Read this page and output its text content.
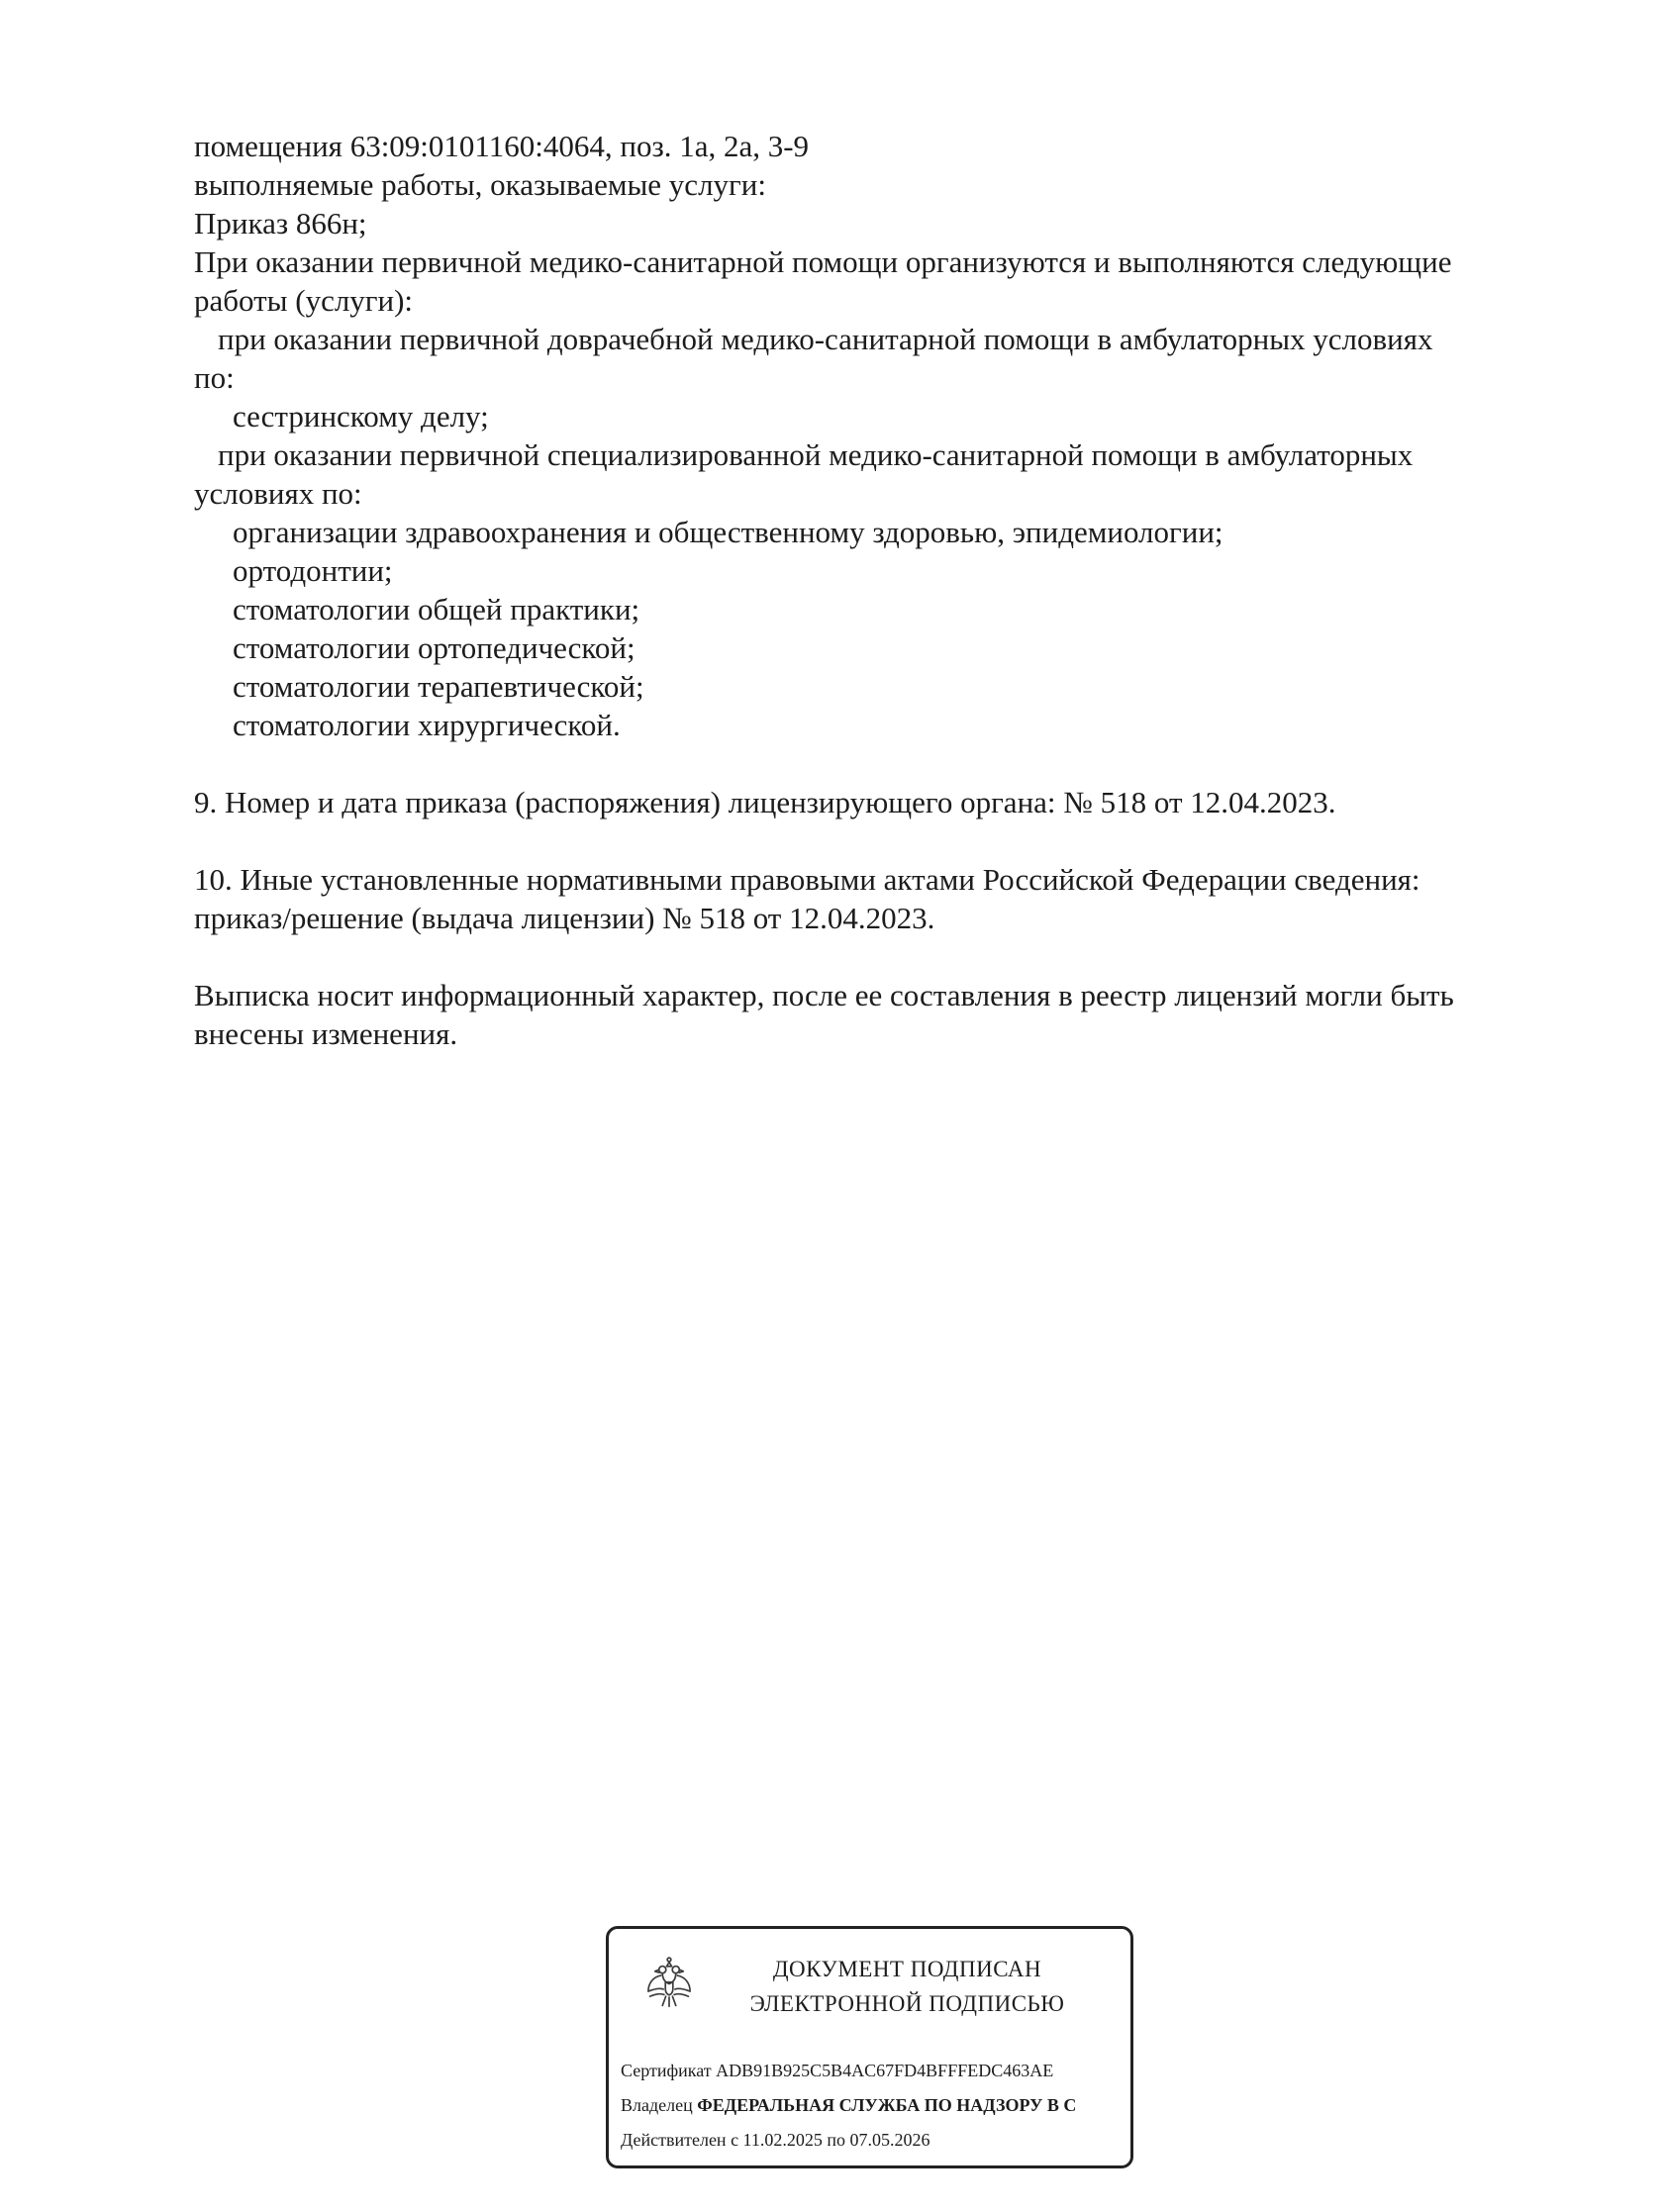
помещения 63:09:0101160:4064, поз. 1а, 2а, 3-9
выполняемые работы, оказываемые услуги:
Приказ 866н;
При оказании первичной медико-санитарной помощи организуются и выполняются следующие
работы (услуги):
при оказании первичной доврачебной медико-санитарной помощи в амбулаторных условиях
по:
сестринскому делу;
при оказании первичной специализированной медико-санитарной помощи в амбулаторных
условиях по:
организации здравоохранения и общественному здоровью, эпидемиологии;
ортодонтии;
стоматологии общей практики;
стоматологии ортопедической;
стоматологии терапевтической;
стоматологии хирургической.

9. Номер и дата приказа (распоряжения) лицензирующего органа: № 518 от 12.04.2023.

10. Иные установленные нормативными правовыми актами Российской Федерации сведения:
приказ/решение (выдача лицензии) № 518 от 12.04.2023.

Выписка носит информационный характер, после ее составления в реестр лицензий могли быть
внесены изменения.
ДОКУМЕНТ ПОДПИСАН
ЭЛЕКТРОННОЙ ПОДПИСЬЮ
Сертификат ADB91B925C5B4AC67FD4BFFFEDC463AE
Владелец ФЕДЕРАЛЬНАЯ СЛУЖБА ПО НАДЗОРУ В С
Действителен с 11.02.2025 по 07.05.2026
